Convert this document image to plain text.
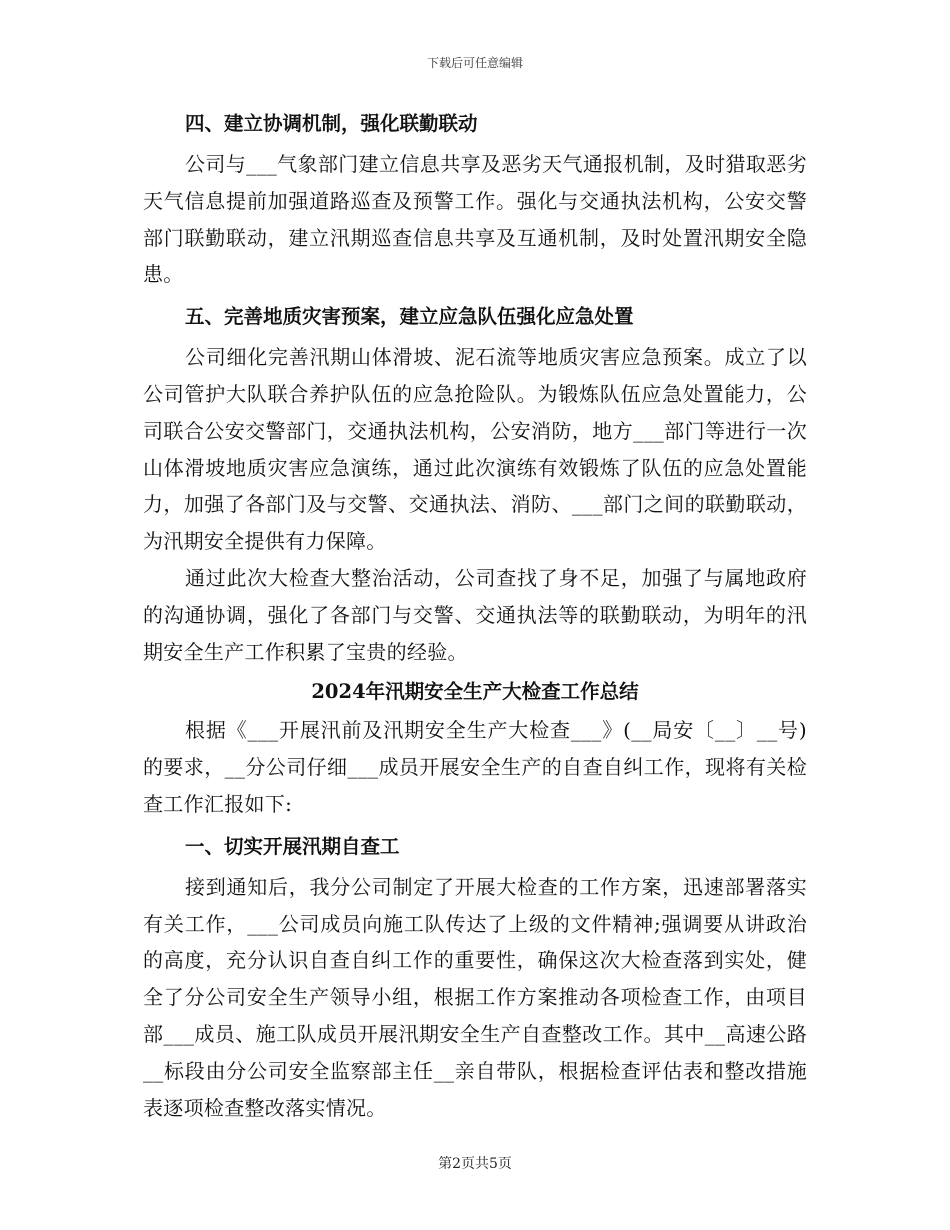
下载后可任意编辑
四、建立协调机制，强化联勤联动

公司与___气象部门建立信息共享及恶劣天气通报机制，及时猎取恶劣天气信息提前加强道路巡查及预警工作。强化与交通执法机构，公安交警部门联勤联动，建立汛期巡查信息共享及互通机制，及时处置汛期安全隐患。

五、完善地质灾害预案，建立应急队伍强化应急处置

公司细化完善汛期山体滑坡、泥石流等地质灾害应急预案。成立了以公司管护大队联合养护队伍的应急抢险队。为锻炼队伍应急处置能力，公司联合公安交警部门，交通执法机构，公安消防，地方___部门等进行一次山体滑坡地质灾害应急演练，通过此次演练有效锻炼了队伍的应急处置能力，加强了各部门及与交警、交通执法、消防、___部门之间的联勤联动，为汛期安全提供有力保障。

通过此次大检查大整治活动，公司查找了身不足，加强了与属地政府的沟通协调，强化了各部门与交警、交通执法等的联勤联动，为明年的汛期安全生产工作积累了宝贵的经验。

2024年汛期安全生产大检查工作总结

根据《___开展汛前及汛期安全生产大检查___》(__局安〔__〕__号)的要求，__分公司仔细___成员开展安全生产的自查自纠工作，现将有关检查工作汇报如下:

一、切实开展汛期自查工

接到通知后，我分公司制定了开展大检查的工作方案，迅速部署落实有关工作，___公司成员向施工队传达了上级的文件精神;强调要从讲政治的高度，充分认识自查自纠工作的重要性，确保这次大检查落到实处，健全了分公司安全生产领导小组，根据工作方案推动各项检查工作，由项目部___成员、施工队成员开展汛期安全生产自查整改工作。其中__高速公路__标段由分公司安全监察部主任__亲自带队，根据检查评估表和整改措施表逐项检查整改落实情况。

第2页共5页
